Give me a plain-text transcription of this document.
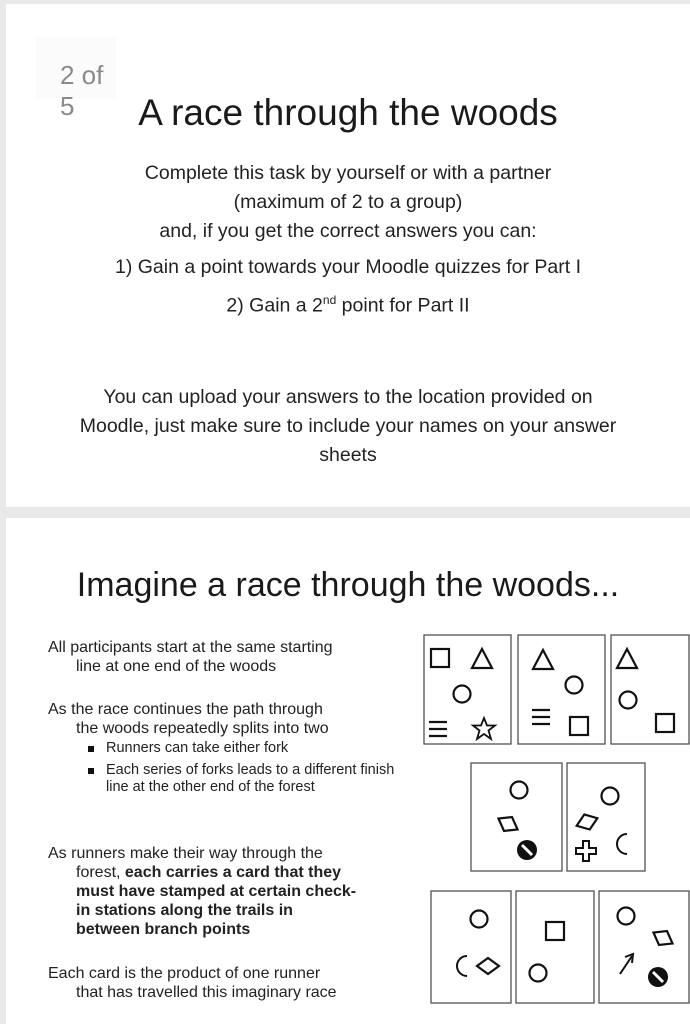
2 of 5	A race through the woods
Complete this task by yourself or with a partner
(maximum of 2 to a group)
and, if you get the correct answers you can:
1) Gain a point towards your Moodle quizzes for Part I
2) Gain a 2nd point for Part II
You can upload your answers to the location provided on
Moodle, just make sure to include your names on your answer
sheets
Imagine a race through the woods...
All participants start at the same starting
line at one end of the woods
As the race continues the path through
the woods repeatedly splits into two
Runners can take either fork
Each series of forks leads to a different finish line at the other end of the forest
As runners make their way through the
forest, each carries a card that they
must have stamped at certain check-
in stations along the trails in
between branch points
Each card is the product of one runner
that has travelled this imaginary race
